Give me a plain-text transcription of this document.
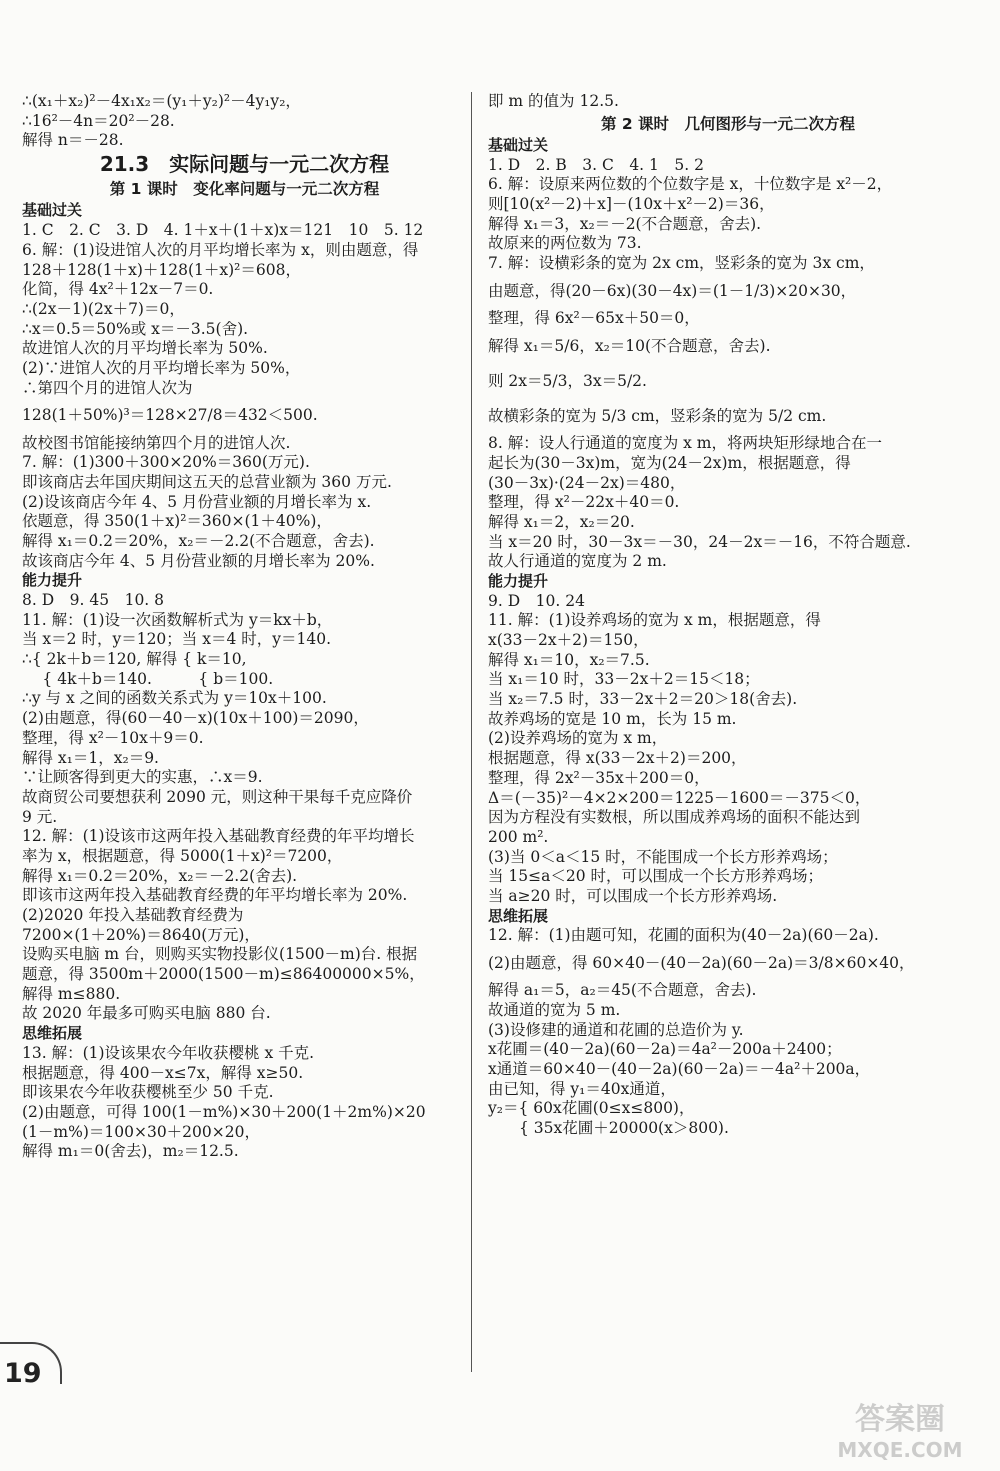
∴(x₁＋x₂)²－4x₁x₂＝(y₁＋y₂)²－4y₁y₂，
∴16²－4n＝20²－28.
解得 n＝－28.
21.3　实际问题与一元二次方程
第 1 课时　变化率问题与一元二次方程
基础过关
1. C　2. C　3. D　4. 1＋x＋(1＋x)x＝121　10　5. 12
6. 解：(1)设进馆人次的月平均增长率为 x，则由题意，得
128＋128(1＋x)＋128(1＋x)²＝608，
化简，得 4x²＋12x－7＝0.
∴(2x－1)(2x＋7)＝0，
∴x＝0.5＝50%或 x＝－3.5(舍).
故进馆人次的月平均增长率为 50%.
(2)∵进馆人次的月平均增长率为 50%，
∴第四个月的进馆人次为
128(1＋50%)³＝128×27/8＝432＜500.
故校图书馆能接纳第四个月的进馆人次.
7. 解：(1)300＋300×20%＝360(万元).
即该商店去年国庆期间这五天的总营业额为 360 万元.
(2)设该商店今年 4、5 月份营业额的月增长率为 x.
依题意，得 350(1＋x)²＝360×(1＋40%)，
解得 x₁＝0.2＝20%，x₂＝－2.2(不合题意，舍去).
故该商店今年 4、5 月份营业额的月增长率为 20%.
能力提升
8. D　9. 45　10. 8
11. 解：(1)设一次函数解析式为 y＝kx＋b，
当 x＝2 时，y＝120；当 x＝4 时，y＝140.
∴{ 2k＋b＝120, 解得 { k＝10,
　 { 4k＋b＝140.　　　{ b＝100.
∴y 与 x 之间的函数关系式为 y＝10x＋100.
(2)由题意，得(60－40－x)(10x＋100)＝2090，
整理，得 x²－10x＋9＝0.
解得 x₁＝1，x₂＝9.
∵让顾客得到更大的实惠，∴x＝9.
故商贸公司要想获利 2090 元，则这种干果每千克应降价
9 元.
12. 解：(1)设该市这两年投入基础教育经费的年平均增长
率为 x，根据题意，得 5000(1＋x)²＝7200，
解得 x₁＝0.2＝20%，x₂＝－2.2(舍去).
即该市这两年投入基础教育经费的年平均增长率为 20%.
(2)2020 年投入基础教育经费为
7200×(1＋20%)＝8640(万元)，
设购买电脑 m 台，则购买实物投影仪(1500－m)台. 根据
题意，得 3500m＋2000(1500－m)≤86400000×5%，
解得 m≤880.
故 2020 年最多可购买电脑 880 台.
思维拓展
13. 解：(1)设该果农今年收获樱桃 x 千克.
根据题意，得 400－x≤7x，解得 x≥50.
即该果农今年收获樱桃至少 50 千克.
(2)由题意，可得 100(1－m%)×30＋200(1＋2m%)×20
(1－m%)＝100×30＋200×20，
解得 m₁＝0(舍去)，m₂＝12.5.
即 m 的值为 12.5.
第 2 课时　几何图形与一元二次方程
基础过关
1. D　2. B　3. C　4. 1　5. 2
6. 解：设原来两位数的个位数字是 x，十位数字是 x²－2，
则[10(x²－2)＋x]－(10x＋x²－2)＝36，
解得 x₁＝3，x₂＝－2(不合题意，舍去).
故原来的两位数为 73.
7. 解：设横彩条的宽为 2x cm，竖彩条的宽为 3x cm，
由题意，得(20－6x)(30－4x)＝(1－1/3)×20×30，
整理，得 6x²－65x＋50＝0，
解得 x₁＝5/6，x₂＝10(不合题意，舍去).
则 2x＝5/3，3x＝5/2.
故横彩条的宽为 5/3 cm，竖彩条的宽为 5/2 cm.
8. 解：设人行通道的宽度为 x m，将两块矩形绿地合在一
起长为(30－3x)m，宽为(24－2x)m，根据题意，得
(30－3x)·(24－2x)＝480，
整理，得 x²－22x＋40＝0.
解得 x₁＝2，x₂＝20.
当 x＝20 时，30－3x＝－30，24－2x＝－16，不符合题意.
故人行通道的宽度为 2 m.
能力提升
9. D　10. 24
11. 解：(1)设养鸡场的宽为 x m，根据题意，得
x(33－2x＋2)＝150，
解得 x₁＝10，x₂＝7.5.
当 x₁＝10 时，33－2x＋2＝15＜18；
当 x₂＝7.5 时，33－2x＋2＝20＞18(舍去).
故养鸡场的宽是 10 m，长为 15 m.
(2)设养鸡场的宽为 x m，
根据题意，得 x(33－2x＋2)＝200，
整理，得 2x²－35x＋200＝0，
Δ＝(－35)²－4×2×200＝1225－1600＝－375＜0，
因为方程没有实数根，所以围成养鸡场的面积不能达到
200 m².
(3)当 0＜a＜15 时，不能围成一个长方形养鸡场；
当 15≤a＜20 时，可以围成一个长方形养鸡场；
当 a≥20 时，可以围成一个长方形养鸡场.
思维拓展
12. 解：(1)由题可知，花圃的面积为(40－2a)(60－2a).
(2)由题意，得 60×40－(40－2a)(60－2a)＝3/8×60×40，
解得 a₁＝5，a₂＝45(不合题意，舍去).
故通道的宽为 5 m.
(3)设修建的通道和花圃的总造价为 y.
x花圃＝(40－2a)(60－2a)＝4a²－200a＋2400；
x通道＝60×40－(40－2a)(60－2a)＝－4a²＋200a，
由已知，得 y₁＝40x通道，
y₂＝{ 60x花圃(0≤x≤800)，
　　{ 35x花圃＋20000(x＞800).
19
答案圈
MXQE.COM
